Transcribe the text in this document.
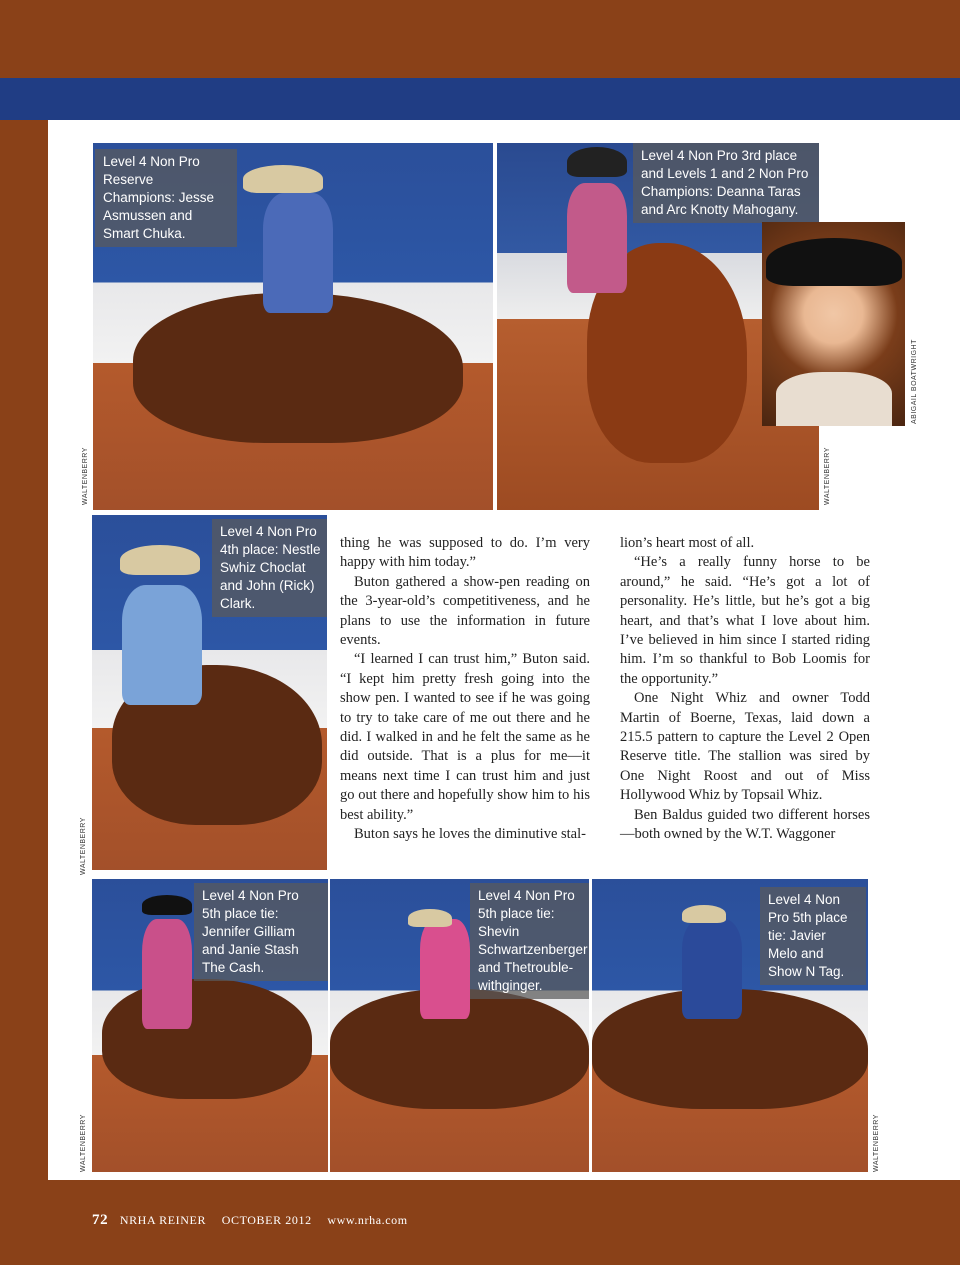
Level 4 Non Pro Reserve Champions: Jesse Asmussen and Smart Chuka.
WALTENBERRY
Level 4 Non Pro 3rd place and Levels 1 and 2 Non Pro Champions: Deanna Taras and Arc Knotty Mahogany.
WALTENBERRY
ABIGAIL BOATWRIGHT
Level 4 Non Pro 4th place: Nestle Swhiz Choclat and John (Rick) Clark.
WALTENBERRY

thing he was supposed to do. I’m very happy with him today.”

Buton gathered a show-pen reading on the 3-year-old’s competitiveness, and he plans to use the information in future events.

“I learned I can trust him,” Buton said. “I kept him pretty fresh going into the show pen. I wanted to see if he was going to try to take care of me out there and he did. I walked in and he felt the same as he did outside. That is a plus for me—it means next time I can trust him and just go out there and hopefully show him to his best ability.”

Buton says he loves the diminutive stal-

lion’s heart most of all.

“He’s a really funny horse to be around,” he said. “He’s got a lot of personality. He’s little, but he’s got a big heart, and that’s what I love about him. I’ve believed in him since I started riding him. I’m so thankful to Bob Loomis for the opportunity.”

One Night Whiz and owner Todd Martin of Boerne, Texas, laid down a 215.5 pattern to capture the Level 2 Open Reserve title. The stallion was sired by One Night Roost and out of Miss Hollywood Whiz by Topsail Whiz.

Ben Baldus guided two different horses—both owned by the W.T. Waggoner

Level 4 Non Pro 5th place tie: Jennifer Gilliam and Janie Stash The Cash.
Level 4 Non Pro 5th place tie: Shevin Schwartzenberger and Thetrouble-withginger.
Level 4 Non Pro 5th place tie: Javier Melo and Show N Tag.
WALTENBERRY	WALTENBERRY
72 NRHA REINER OCTOBER 2012 www.nrha.com
